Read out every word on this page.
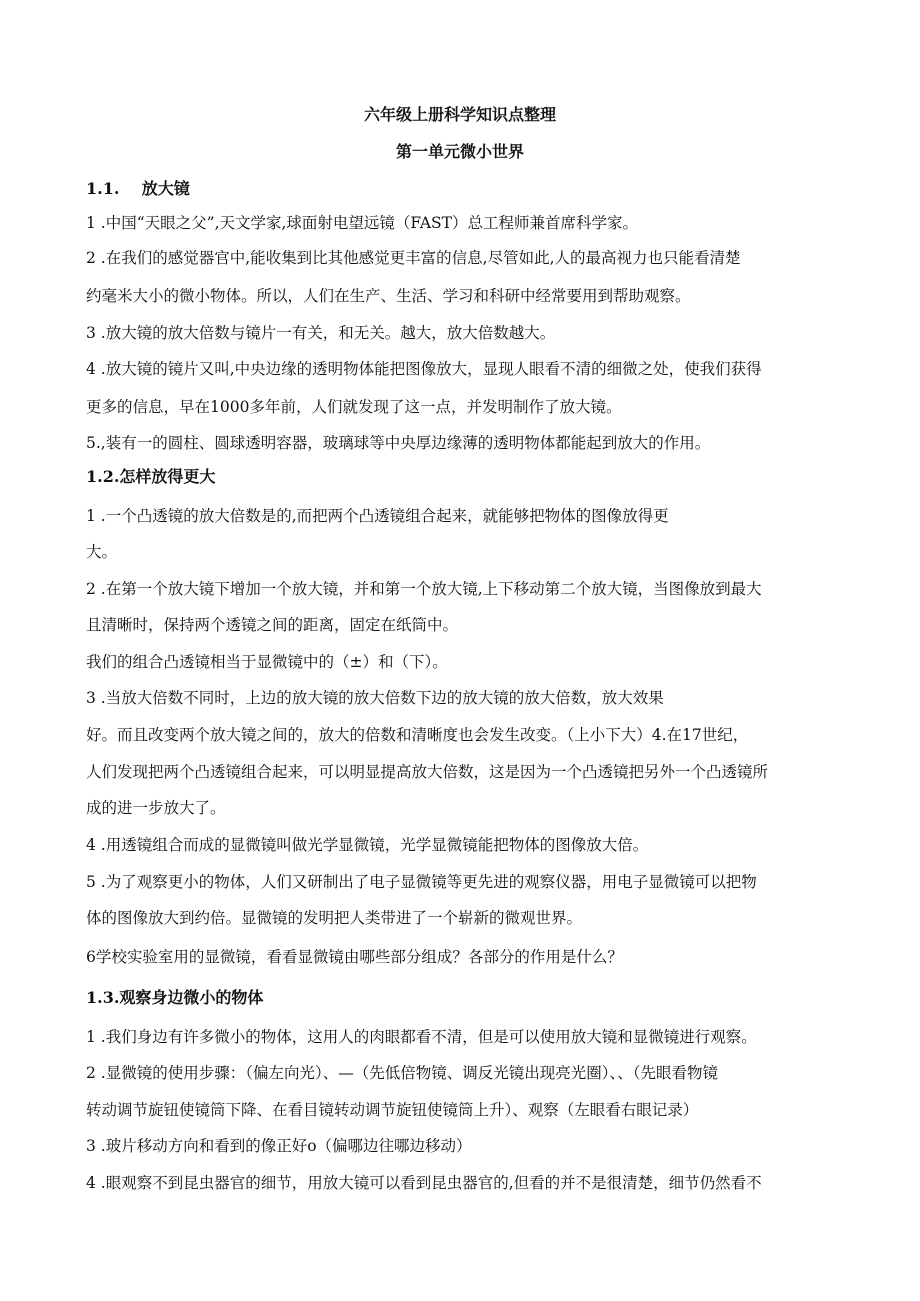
六年级上册科学知识点整理
第一单元微小世界
1.1.    放大镜
1 .中国“天眼之父”,天文学家,球面射电望远镜（FAST）总工程师兼首席科学家。
2 .在我们的感觉器官中,能收集到比其他感觉更丰富的信息,尽管如此,人的最高视力也只能看清楚
约毫米大小的微小物体。所以，人们在生产、生活、学习和科研中经常要用到帮助观察。
3 .放大镜的放大倍数与镜片一有关，和无关。越大，放大倍数越大。
4 .放大镜的镜片又叫,中央边缘的透明物体能把图像放大，显现人眼看不清的细微之处，使我们获得
更多的信息，早在1000多年前，人们就发现了这一点，并发明制作了放大镜。
5.,装有一的圆柱、圆球透明容器，玻璃球等中央厚边缘薄的透明物体都能起到放大的作用。
1.2.怎样放得更大
1 .一个凸透镜的放大倍数是的,而把两个凸透镜组合起来，就能够把物体的图像放得更
大。
2 .在第一个放大镜下增加一个放大镜，并和第一个放大镜,上下移动第二个放大镜，当图像放到最大
且清晰时，保持两个透镜之间的距离，固定在纸筒中。
我们的组合凸透镜相当于显微镜中的（±）和（下）。
3 .当放大倍数不同时，上边的放大镜的放大倍数下边的放大镜的放大倍数，放大效果
好。而且改变两个放大镜之间的，放大的倍数和清晰度也会发生改变。（上小下大）4.在17世纪，
人们发现把两个凸透镜组合起来，可以明显提高放大倍数，这是因为一个凸透镜把另外一个凸透镜所
成的进一步放大了。
4 .用透镜组合而成的显微镜叫做光学显微镜，光学显微镜能把物体的图像放大倍。
5 .为了观察更小的物体，人们又研制出了电子显微镜等更先进的观察仪器，用电子显微镜可以把物
体的图像放大到约倍。显微镜的发明把人类带进了一个崭新的微观世界。
6学校实验室用的显微镜，看看显微镜由哪些部分组成？各部分的作用是什么？
1.3.观察身边微小的物体
1 .我们身边有许多微小的物体，这用人的肉眼都看不清，但是可以使用放大镜和显微镜进行观察。
2 .显微镜的使用步骤：（偏左向光）、—（先低倍物镜、调反光镜出现亮光圈）、、（先眼看物镜
转动调节旋钮使镜筒下降、在看目镜转动调节旋钮使镜筒上升）、观察（左眼看右眼记录）
3 .玻片移动方向和看到的像正好o（偏哪边往哪边移动）
4 .眼观察不到昆虫器官的细节，用放大镜可以看到昆虫器官的,但看的并不是很清楚，细节仍然看不
